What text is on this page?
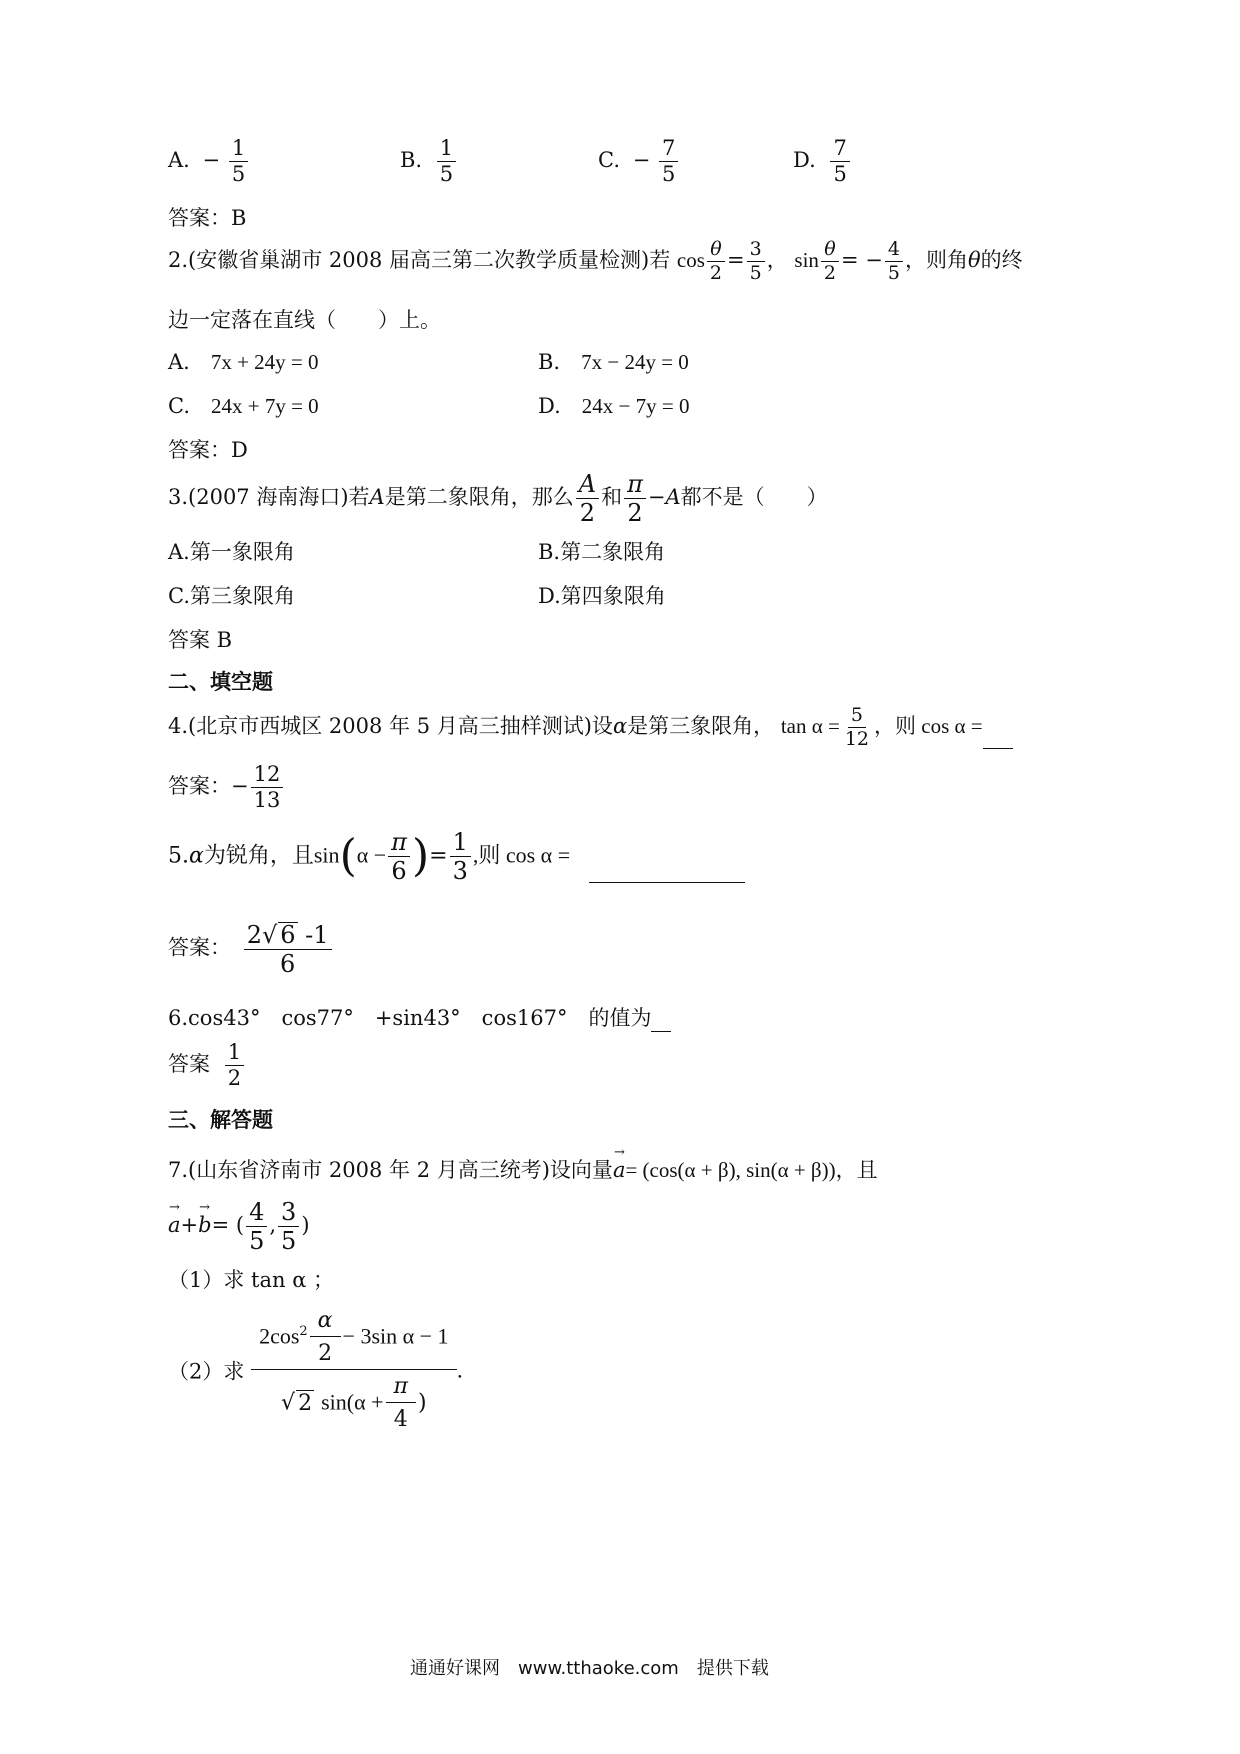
A. − $\frac{1}{5}$	B. $\frac{1}{5}$	C. − $\frac{7}{5}$	D. $\frac{7}{5}$
答案：B
2.(安徽省巢湖市 2008 届高三第二次教学质量检测)若 $\cos \frac{\theta}{2} = \frac{3}{5}$ ， $\sin \frac{\theta}{2}$ = − $\frac{4}{5}$ ，则角θ的终
边一定落在直线（　　）上。
A.　 7x + 24y = 0	B.　 7x − 24y = 0
C.　 24x + 7y = 0	D.　 24x − 7y = 0
答案：D
3.(2007 海南海口)若A是第二象限角，那么 $\frac{A}{2}$ 和 $\frac{\pi}{2} -A$都不是（　　）
A.第一象限角	B.第二象限角
C.第三象限角	D.第四象限角
答案 B
二、填空题
4.(北京市西城区 2008 年 5 月高三抽样测试)设α是第三象限角， $\tan \alpha = \frac{5}{12}$ ，则 cos α =
答案：− $\frac{12}{13}$
5.α为锐角，且$\sin(\alpha - \frac{\pi}{6}$ )= $\frac{1}{3}$ ,则 cos α =
答案： $\frac{2√ 6 -1}{6}$
6.cos43°　cos77°　+sin43°　cos167°　的值为
答案 $\frac{1}{2}$
三、解答题
7.(山东省济南市 2008 年 2 月高三统考)设向量→ a= (cos(α + β), sin(α + β))，且
→ a+→ b= ( $\frac{4}{5}$ , $\frac{3}{5}$ )
（1）求 tan α ；
（2）求 $\frac{2\cos^2 \frac{\alpha}{2} - 3\sin \alpha - 1}{√ 2 \sin(\alpha + \frac{\pi}{4} )}$ .
通通好课网　www.tthaoke.com　提供下载
